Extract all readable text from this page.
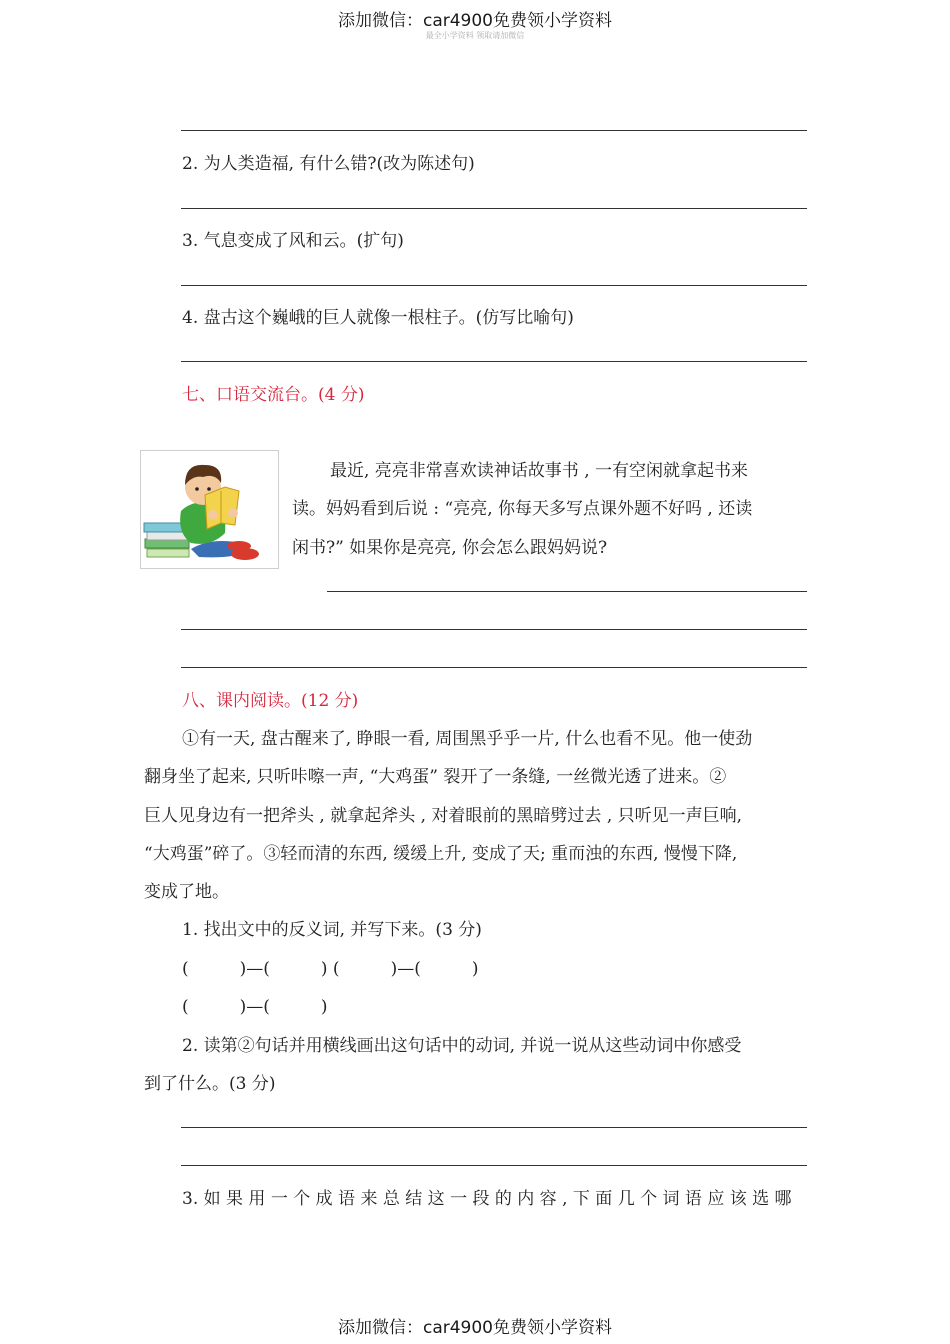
添加微信：car4900免费领小学资料
最全小学资料 领取请加微信
2. 为人类造福, 有什么错?(改为陈述句)
3. 气息变成了风和云。(扩句)
4. 盘古这个巍峨的巨人就像一根柱子。(仿写比喻句)
七、口语交流台。(4 分)
最近, 亮亮非常喜欢读神话故事书 , 一有空闲就拿起书来
读。妈妈看到后说 : “亮亮, 你每天多写点课外题不好吗 , 还读
闲书?” 如果你是亮亮, 你会怎么跟妈妈说?
八、课内阅读。(12 分)
①有一天, 盘古醒来了, 睁眼一看, 周围黑乎乎一片, 什么也看不见。他一使劲
翻身坐了起来, 只听咔嚓一声, “大鸡蛋” 裂开了一条缝, 一丝微光透了进来。②
巨人见身边有一把斧头 , 就拿起斧头 , 对着眼前的黑暗劈过去 , 只听见一声巨响,
“大鸡蛋”碎了。③轻而清的东西, 缓缓上升, 变成了天; 重而浊的东西, 慢慢下降,
变成了地。
1. 找出文中的反义词, 并写下来。(3 分)
(　　　)—(　　　) (　　　)—(　　　)
(　　　)—(　　　)
2. 读第②句话并用横线画出这句话中的动词, 并说一说从这些动词中你感受
到了什么。(3 分)
3. 如 果 用 一 个 成 语 来 总 结 这 一 段 的 内 容 , 下 面 几 个 词 语 应 该 选 哪
添加微信：car4900免费领小学资料
